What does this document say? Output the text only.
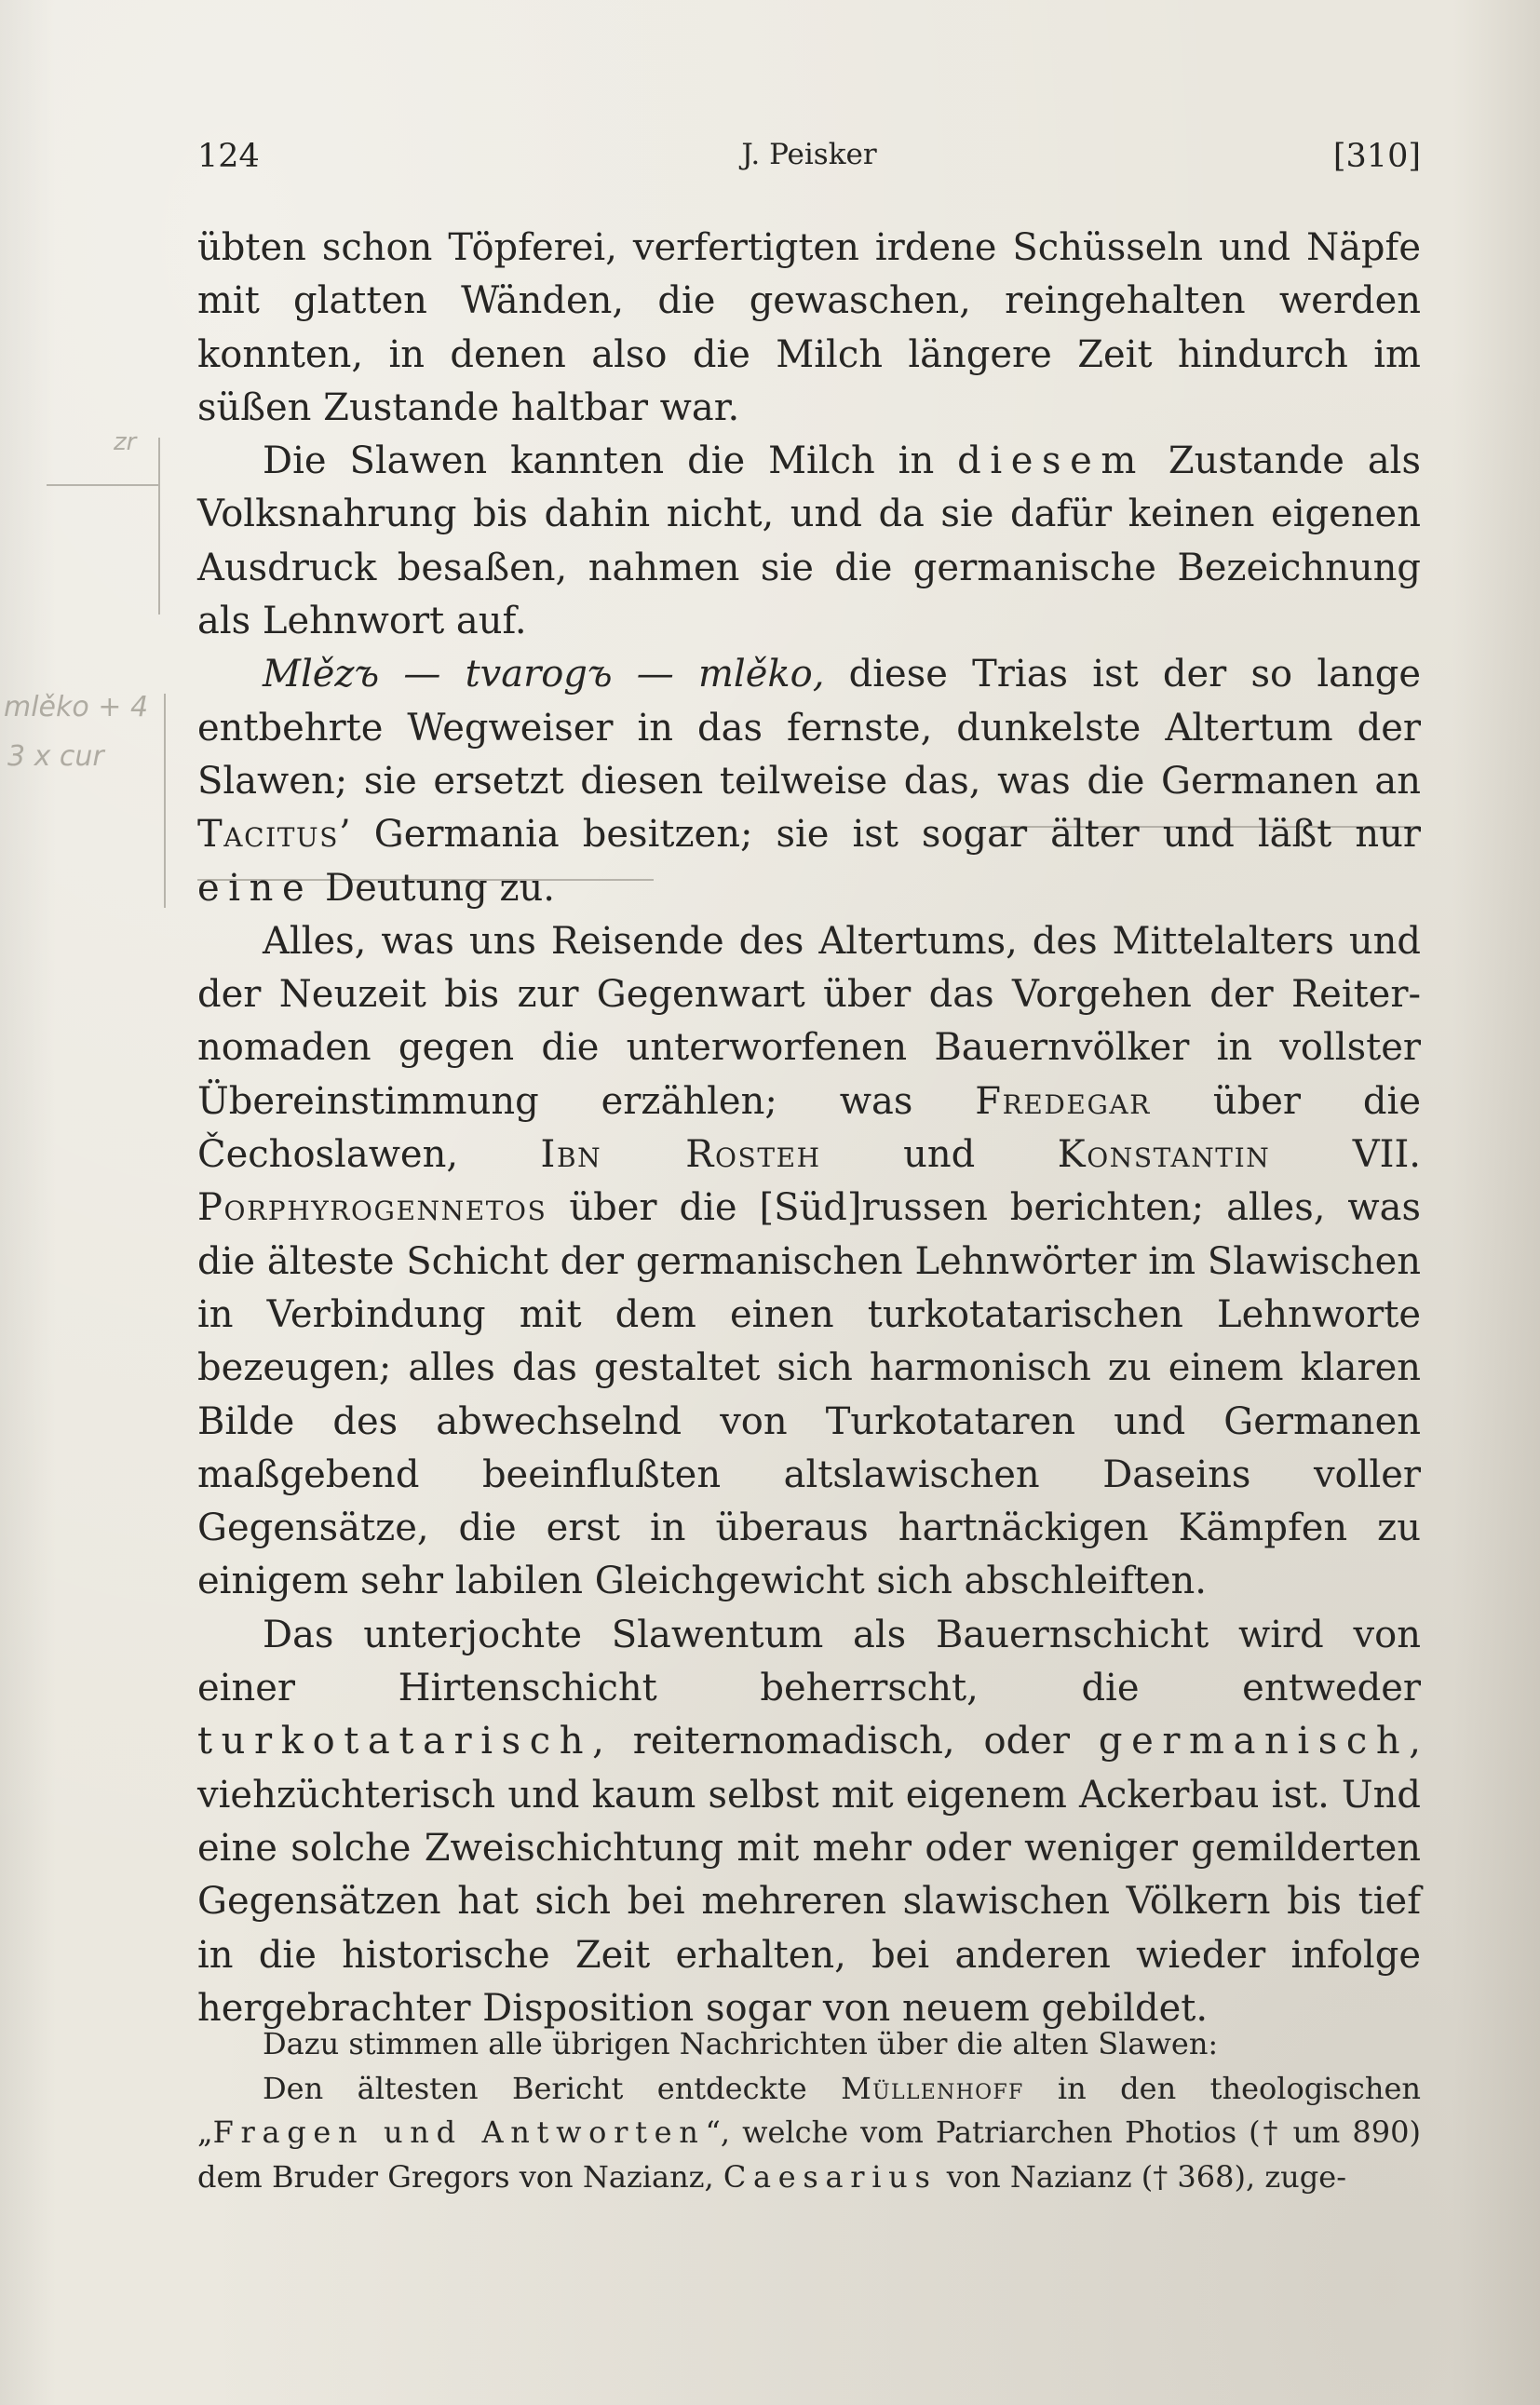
zr
mlěko + 4
3 x cur
124	J. Peisker	[310]

übten schon Töpferei, verfertigten irdene Schüsseln und Näpfe mit glatten Wänden, die gewaschen, reingehalten werden konnten, in denen also die Milch längere Zeit hindurch im süßen Zustande haltbar war.

Die Slawen kannten die Milch in diesem Zustande als Volksnahrung bis dahin nicht, und da sie dafür keinen eigenen Ausdruck besaßen, nahmen sie die germanische Bezeichnung als Lehnwort auf.

Mlězъ — tvarogъ — mlěko, diese Trias ist der so lange entbehrte Wegweiser in das fernste, dunkelste Altertum der Slawen; sie ersetzt diesen teilweise das, was die Germanen an Tacitus’ Germania besitzen; sie ist sogar älter und läßt nur eine Deutung zu.

Alles, was uns Reisende des Altertums, des Mittelalters und der Neuzeit bis zur Gegenwart über das Vorgehen der Reiternomaden gegen die unterworfenen Bauernvölker in vollster Übereinstimmung erzählen; was Fredegar über die Čechoslawen, Ibn Rosteh und Konstantin VII. Porphyrogennetos über die [Süd]russen berichten; alles, was die älteste Schicht der germanischen Lehnwörter im Slawischen in Verbindung mit dem einen turkotatarischen Lehnworte bezeugen; alles das gestaltet sich harmonisch zu einem klaren Bilde des abwechselnd von Turkotataren und Germanen maßgebend beeinflußten altslawischen Daseins voller Gegensätze, die erst in überaus hartnäckigen Kämpfen zu einigem sehr labilen Gleichgewicht sich abschleiften.

Das unterjochte Slawentum als Bauernschicht wird von einer Hirtenschicht beherrscht, die entweder turkotatarisch, reiternomadisch, oder germanisch, viehzüchterisch und kaum selbst mit eigenem Ackerbau ist. Und eine solche Zweischichtung mit mehr oder weniger gemilderten Gegensätzen hat sich bei mehreren slawischen Völkern bis tief in die historische Zeit erhalten, bei anderen wieder infolge hergebrachter Disposition sogar von neuem gebildet.

Dazu stimmen alle übrigen Nachrichten über die alten Slawen:

Den ältesten Bericht entdeckte Müllenhoff in den theologischen „Fragen und Antworten“, welche vom Patriarchen Photios († um 890) dem Bruder Gregors von Nazianz, Caesarius von Nazianz († 368), zuge-
